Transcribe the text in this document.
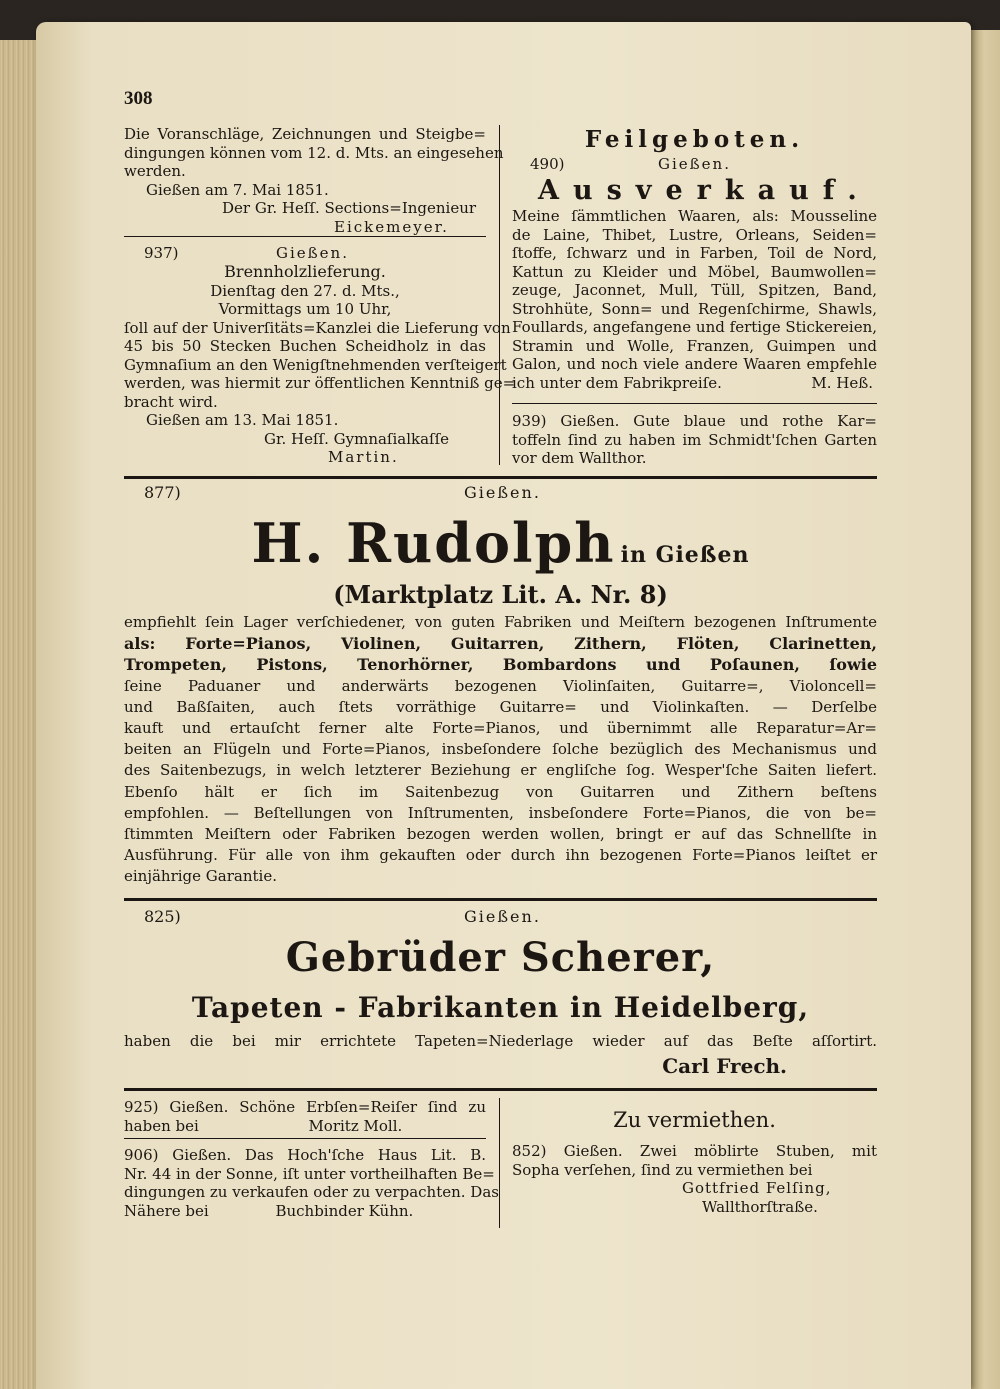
308

Die Voranschläge, Zeichnungen und Steigbe=

dingungen können vom 12. d. Mts. an eingesehen

werden.

Gießen am 7. Mai 1851.

Der Gr. Heſſ. Sections=Ingenieur

Eickemeyer.

937)	Gießen.

Brennholzlieferung.

Dienſtag den 27. d. Mts.,

Vormittags um 10 Uhr,

ſoll auf der Univerſitäts=Kanzlei die Lieferung von

45 bis 50 Stecken Buchen Scheidholz in das

Gymnaſium an den Wenigſtnehmenden verſteigert

werden, was hiermit zur öffentlichen Kenntniß ge=

bracht wird.

Gießen am 13. Mai 1851.

Gr. Heſſ. Gymnaſialkaſſe

Martin.

Feilgeboten.

490)	Gießen.

Ausverkauf.

Meine ſämmtlichen Waaren, als: Mousseline

de Laine, Thibet, Lustre, Orleans, Seiden=

ſtoffe, ſchwarz und in Farben, Toil de Nord,

Kattun zu Kleider und Möbel, Baumwollen=

zeuge, Jaconnet, Mull, Tüll, Spitzen, Band,

Strohhüte, Sonn= und Regenſchirme, Shawls,

Foullards, angefangene und fertige Stickereien,

Stramin und Wolle, Franzen, Guimpen und

Galon, und noch viele andere Waaren empfehle

ich unter dem Fabrikpreiſe.	M. Heß.

939) Gießen. Gute blaue und rothe Kar=

toffeln ſind zu haben im Schmidt'ſchen Garten

vor dem Wallthor.

877)	Gießen.
H. Rudolph in Gießen

(Marktplatz Lit. A. Nr. 8)

empfiehlt ſein Lager verſchiedener, von guten Fabriken und Meiſtern bezogenen Inſtrumente

als: Forte=Pianos, Violinen, Guitarren, Zithern, Flöten, Clarinetten,

Trompeten, Pistons, Tenorhörner, Bombardons und Poſaunen, ſowie

ſeine Paduaner und anderwärts bezogenen Violinſaiten, Guitarre=, Violoncell=

und Baßſaiten, auch ſtets vorräthige Guitarre= und Violinkaſten. — Derſelbe

kauft und ertauſcht ferner alte Forte=Pianos, und übernimmt alle Reparatur=Ar=

beiten an Flügeln und Forte=Pianos, insbeſondere ſolche bezüglich des Mechanismus und

des Saitenbezugs, in welch letzterer Beziehung er engliſche ſog. Wesper'ſche Saiten liefert.

Ebenſo hält er ſich im Saitenbezug von Guitarren und Zithern beſtens

empfohlen. — Beſtellungen von Inſtrumenten, insbeſondere Forte=Pianos, die von be=

ſtimmten Meiſtern oder Fabriken bezogen werden wollen, bringt er auf das Schnellſte in

Ausführung. Für alle von ihm gekauften oder durch ihn bezogenen Forte=Pianos leiſtet er

einjährige Garantie.

825)	Gießen.

Gebrüder Scherer,

Tapeten - Fabrikanten in Heidelberg,

haben die bei mir errichtete Tapeten=Niederlage wieder auf das Beſte aſſortirt.

Carl Frech.

925) Gießen. Schöne Erbſen=Reiſer ſind zu

haben bei                       Moritz Moll.

906) Gießen. Das Hoch'ſche Haus Lit. B.

Nr. 44 in der Sonne, iſt unter vortheilhaften Be=

dingungen zu verkaufen oder zu verpachten. Das

Nähere bei              Buchbinder Kühn.

Zu vermiethen.

852) Gießen. Zwei möblirte Stuben, mit

Sopha verſehen, ſind zu vermiethen bei

Gottfried Felſing,

Wallthorſtraße.
